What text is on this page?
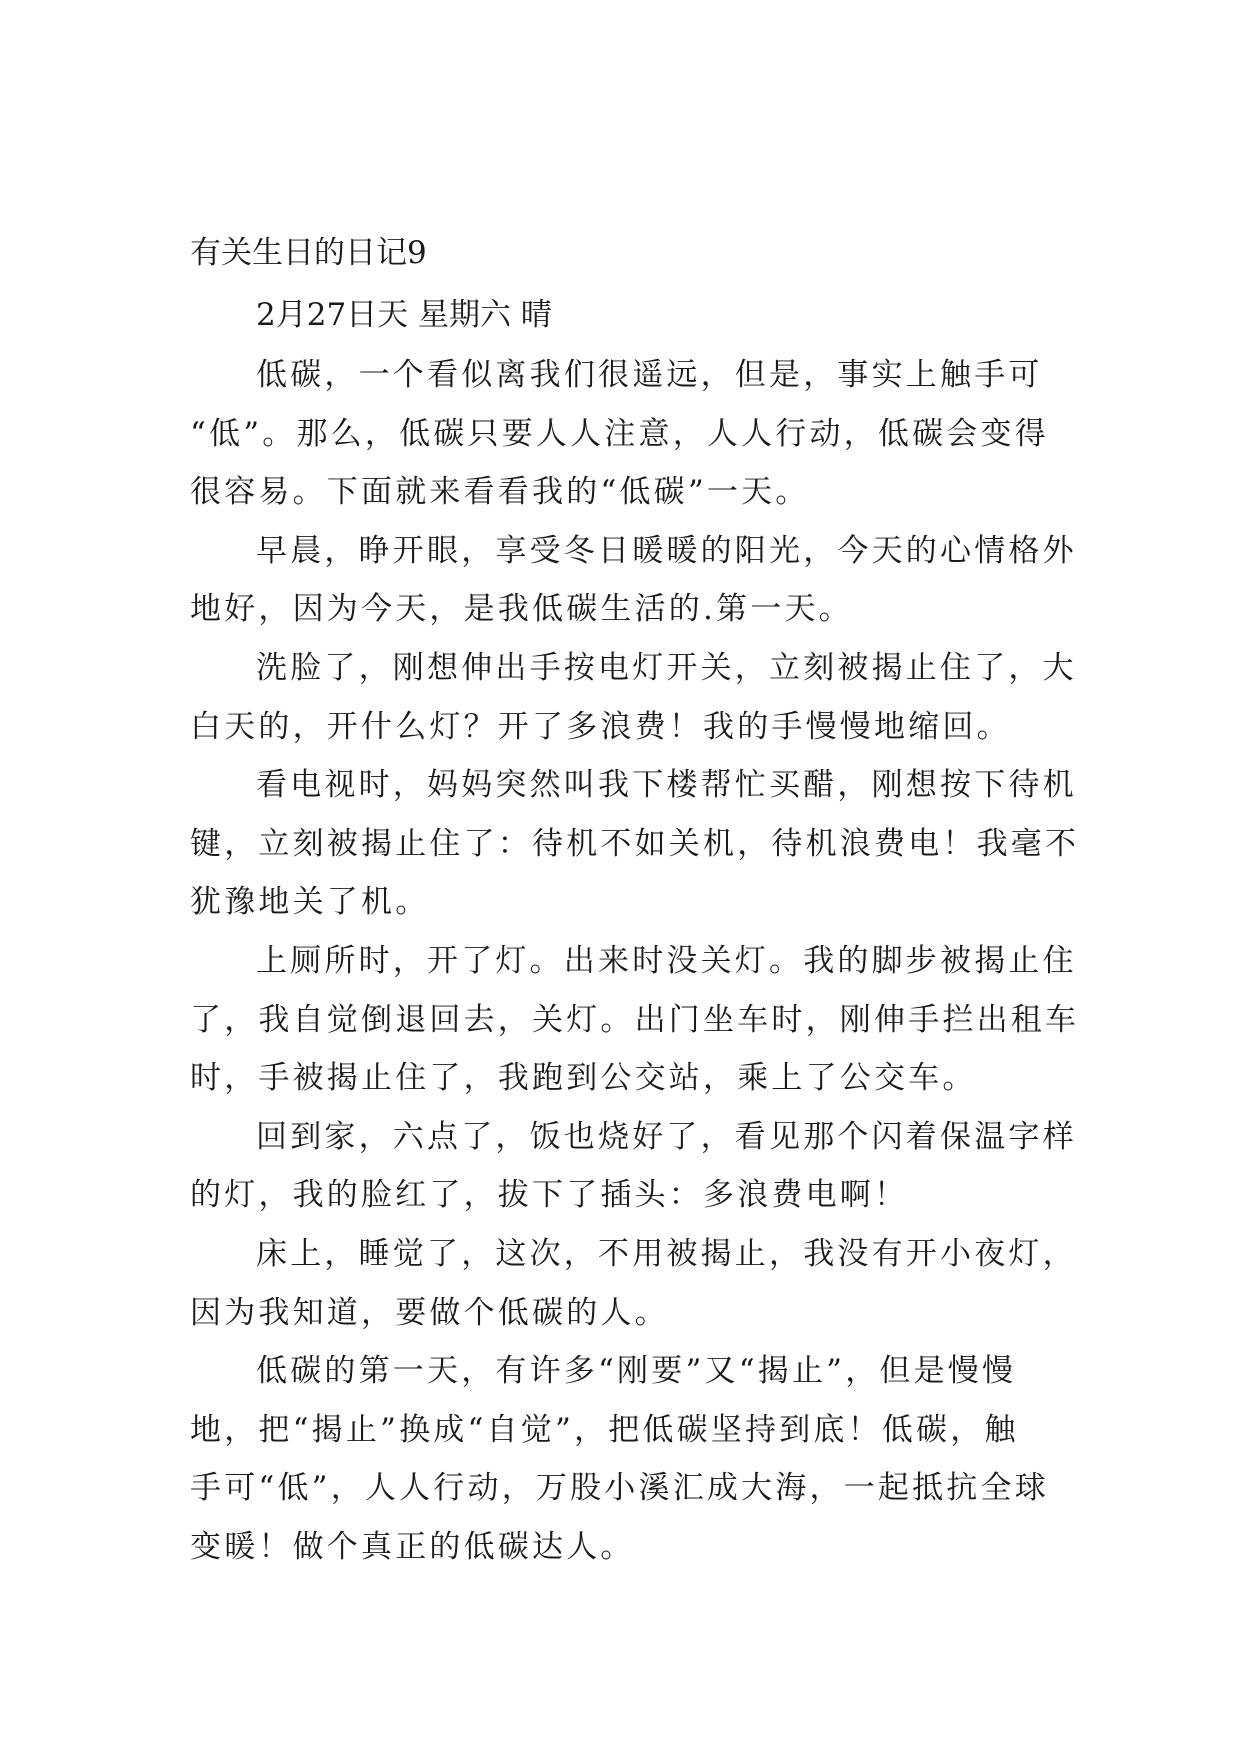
有关生日的日记9
2月27日天 星期六 晴
低碳，一个看似离我们很遥远，但是，事实上触手可
“低”。那么，低碳只要人人注意，人人行动，低碳会变得
很容易。下面就来看看我的“低碳”一天。
早晨，睁开眼，享受冬日暖暖的阳光，今天的心情格外
地好，因为今天，是我低碳生活的.第一天。
洗脸了，刚想伸出手按电灯开关，立刻被揭止住了，大
白天的，开什么灯？开了多浪费！我的手慢慢地缩回。
看电视时，妈妈突然叫我下楼帮忙买醋，刚想按下待机
键，立刻被揭止住了：待机不如关机，待机浪费电！我毫不
犹豫地关了机。
上厕所时，开了灯。出来时没关灯。我的脚步被揭止住
了，我自觉倒退回去，关灯。出门坐车时，刚伸手拦出租车
时，手被揭止住了，我跑到公交站，乘上了公交车。
回到家，六点了，饭也烧好了，看见那个闪着保温字样
的灯，我的脸红了，拔下了插头：多浪费电啊！
床上，睡觉了，这次，不用被揭止，我没有开小夜灯，
因为我知道，要做个低碳的人。
低碳的第一天，有许多“刚要”又“揭止”，但是慢慢
地，把“揭止”换成“自觉”，把低碳坚持到底！低碳，触
手可“低”，人人行动，万股小溪汇成大海，一起抵抗全球
变暖！做个真正的低碳达人。
